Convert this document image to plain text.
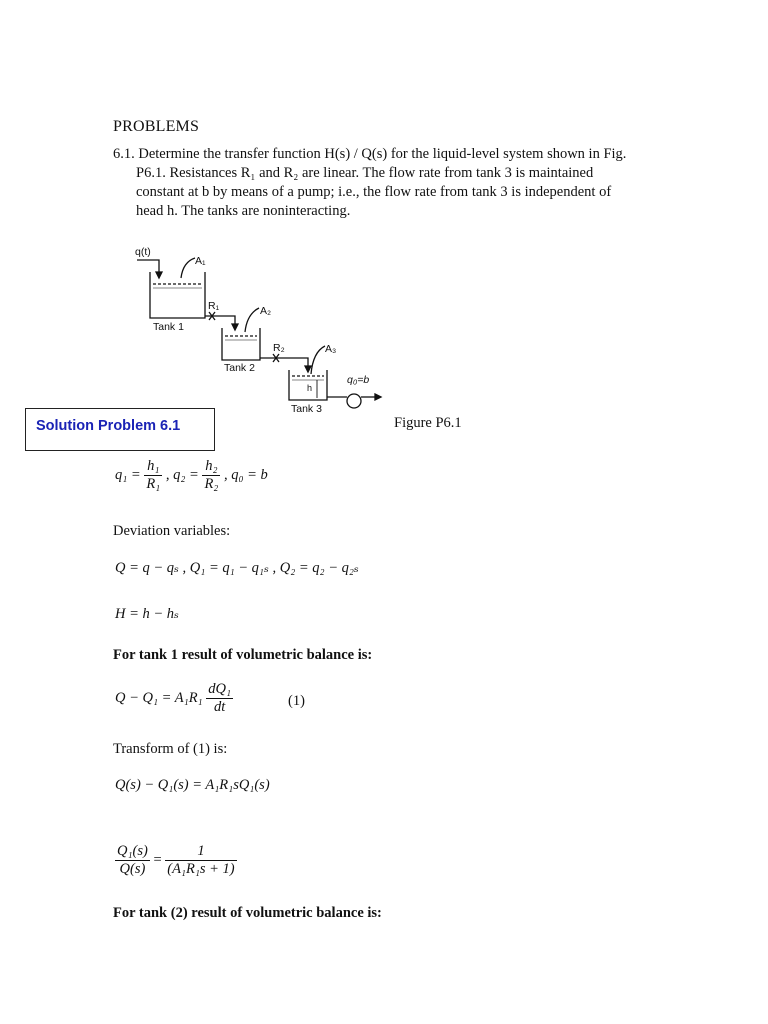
PROBLEMS
6.1. Determine the transfer function H(s) / Q(s) for the liquid-level system shown in Fig.
P6.1. Resistances R₁ and R₂ are linear. The flow rate from tank 3 is maintained
constant at b by means of a pump; i.e., the flow rate from tank 3 is independent of
head h. The tanks are noninteracting.
q(t)
A₁
R₁	A₂
R₂	A₃
Tank 1
Tank 2
Tank 3
h
q₀=b
Solution Problem 6.1	Figure P6.1
$q_1 = \frac{\text{h₁}}{\text{R₁}}$ , $q_2 = \frac{\text{h₂}}{\text{R₂}}$ , q₀ = b
Deviation variables:
Q = q − qₛ , Q₁ = q₁ − q₁ₛ , Q₂ = q₂ − q₂ₛ
H = h − hₛ
For tank 1 result of volumetric balance is:
$Q - Q_1 = A_1R_1 \frac{\text{dQ₁}}{dt}$	(1)
Transform of (1) is:
Q(s) − Q₁(s) = A₁R₁sQ₁(s)
$\frac{\text{Q₁(s)}}{Q(s)} = \frac{1}{\text{(A₁R₁s + 1)}}$
For tank (2) result of volumetric balance is:
